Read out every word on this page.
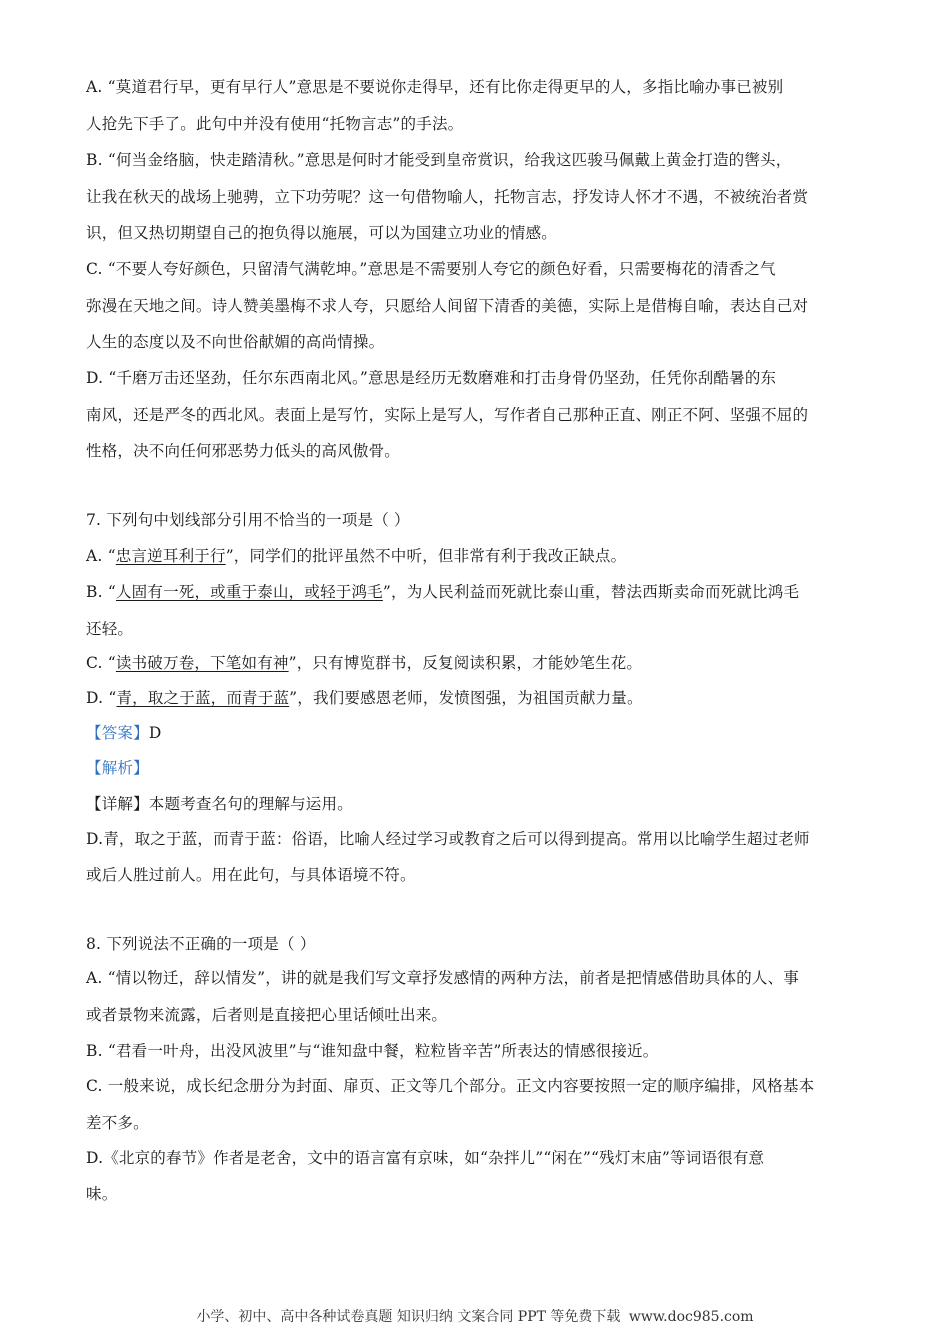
A. “莫道君行早，更有早行人”意思是不要说你走得早，还有比你走得更早的人，多指比喻办事已被别
人抢先下手了。此句中并没有使用“托物言志”的手法。
B. “何当金络脑，快走踏清秋。”意思是何时才能受到皇帝赏识，给我这匹骏马佩戴上黄金打造的辔头，
让我在秋天的战场上驰骋，立下功劳呢？这一句借物喻人，托物言志，抒发诗人怀才不遇，不被统治者赏
识，但又热切期望自己的抱负得以施展，可以为国建立功业的情感。
C. “不要人夸好颜色，只留清气满乾坤。”意思是不需要别人夸它的颜色好看，只需要梅花的清香之气
弥漫在天地之间。诗人赞美墨梅不求人夸，只愿给人间留下清香的美德，实际上是借梅自喻，表达自己对
人生的态度以及不向世俗献媚的高尚情操。
D. “千磨万击还坚劲，任尔东西南北风。”意思是经历无数磨难和打击身骨仍坚劲，任凭你刮酷暑的东
南风，还是严冬的西北风。表面上是写竹，实际上是写人，写作者自己那种正直、刚正不阿、坚强不屈的
性格，决不向任何邪恶势力低头的高风傲骨。
7. 下列句中划线部分引用不恰当的一项是（ ）
A. “忠言逆耳利于行”，同学们的批评虽然不中听，但非常有利于我改正缺点。
B. “人固有一死，或重于泰山，或轻于鸿毛”，为人民利益而死就比泰山重，替法西斯卖命而死就比鸿毛
还轻。
C. “读书破万卷，下笔如有神”，只有博览群书，反复阅读积累，才能妙笔生花。
D. “青，取之于蓝，而青于蓝”，我们要感恩老师，发愤图强，为祖国贡献力量。
【答案】D
【解析】
【详解】本题考查名句的理解与运用。
D.青，取之于蓝，而青于蓝：俗语，比喻人经过学习或教育之后可以得到提高。常用以比喻学生超过老师
或后人胜过前人。用在此句，与具体语境不符。
8. 下列说法不正确的一项是（ ）
A. “情以物迁，辞以情发”，讲的就是我们写文章抒发感情的两种方法，前者是把情感借助具体的人、事
或者景物来流露，后者则是直接把心里话倾吐出来。
B. “君看一叶舟，出没风波里”与“谁知盘中餐，粒粒皆辛苦”所表达的情感很接近。
C. 一般来说，成长纪念册分为封面、扉页、正文等几个部分。正文内容要按照一定的顺序编排，风格基本
差不多。
D.《北京的春节》作者是老舍，文中的语言富有京味，如“杂拌儿”“闲在”“残灯末庙”等词语很有意
味。
小学、初中、高中各种试卷真题 知识归纳 文案合同 PPT 等免费下载 www.doc985.com
